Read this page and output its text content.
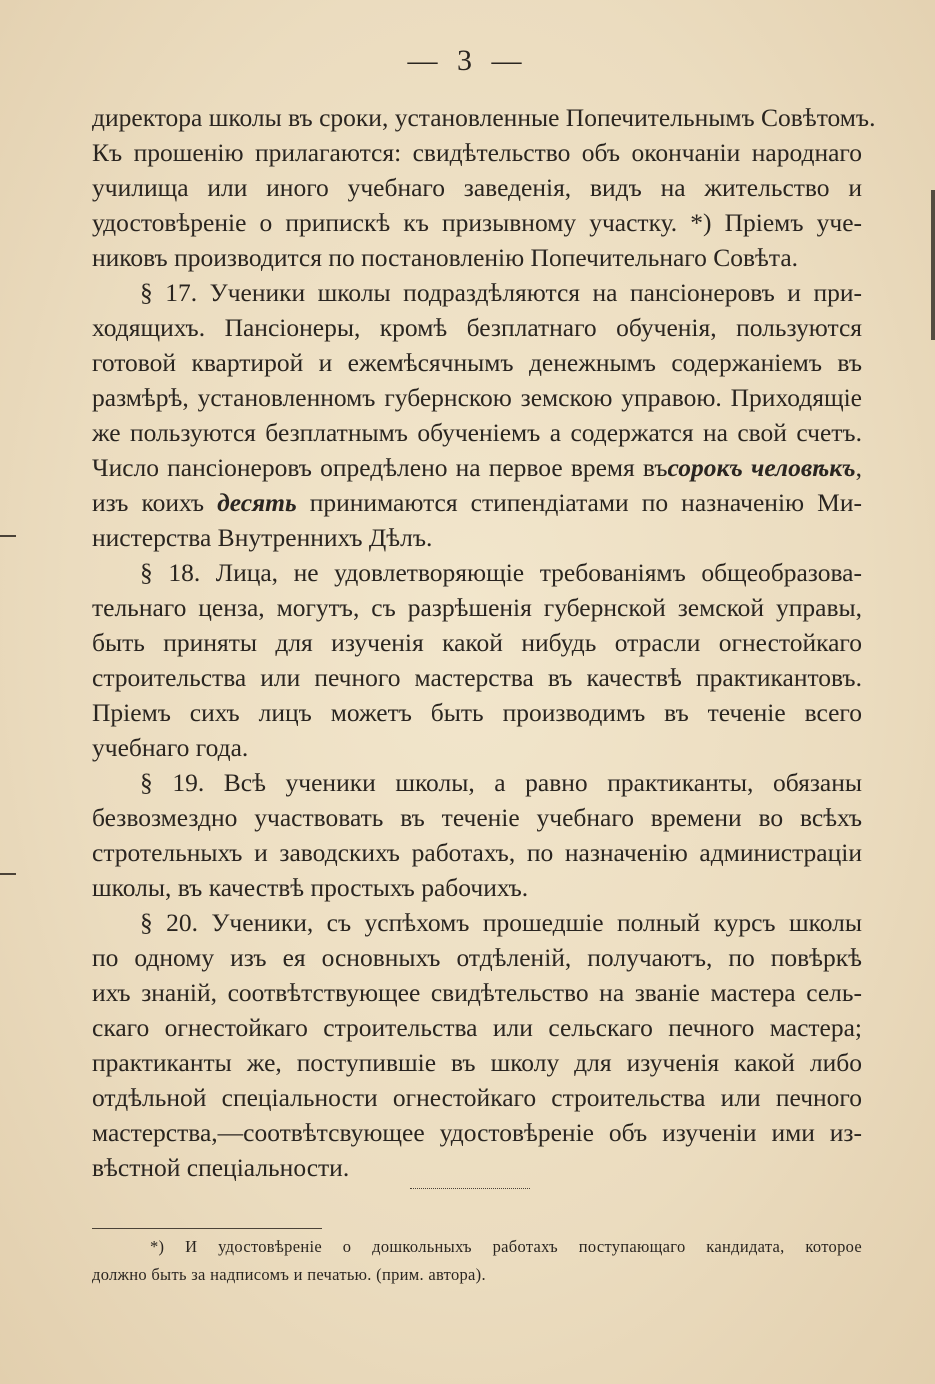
— 3 —
директора школы въ сроки, установленные Попечительнымъ Совѣтомъ.
Къ прошенію прилагаются: свидѣтельство объ окончаніи народнаго
училища или иного учебнаго заведенія, видъ на жительство и
удостовѣреніе о припискѣ къ призывному участку. *) Пріемъ уче-
никовъ производится по постановленію Попечительнаго Совѣта.
§ 17. Ученики школы подраздѣляются на пансіонеровъ и при-
ходящихъ. Пансіонеры, кромѣ безплатнаго обученія, пользуются
готовой квартирой и ежемѣсячнымъ денежнымъ содержаніемъ въ
размѣрѣ, установленномъ губернскою земскою управою. Приходящіе
же пользуются безплатнымъ обученіемъ а содержатся на свой счетъ.
Число пансіонеровъ опредѣлено на первое время въсорокъ человѣкъ,
изъ коихъ десять принимаются стипендіатами по назначенію Ми-
нистерства Внутреннихъ Дѣлъ.
§ 18. Лица, не удовлетворяющіе требованіямъ общеобразова-
тельнаго ценза, могутъ, съ разрѣшенія губернской земской управы,
быть приняты для изученія какой нибудь отрасли огнестойкаго
строительства или печного мастерства въ качествѣ практикантовъ.
Пріемъ сихъ лицъ можетъ быть производимъ въ теченіе всего
учебнаго года.
§ 19. Всѣ ученики школы, а равно практиканты, обязаны
безвозмездно участвовать въ теченіе учебнаго времени во всѣхъ
стротельныхъ и заводскихъ работахъ, по назначенію администраціи
школы, въ качествѣ простыхъ рабочихъ.
§ 20. Ученики, съ успѣхомъ прошедшіе полный курсъ школы
по одному изъ ея основныхъ отдѣленій, получаютъ, по повѣркѣ
ихъ знаній, соотвѣтствующее свидѣтельство на званіе мастера сель-
скаго огнестойкаго строительства или сельскаго печного мастера;
практиканты же, поступившіе въ школу для изученія какой либо
отдѣльной спеціальности огнестойкаго строительства или печного
мастерства,—соотвѣтсвующее удостовѣреніе объ изученіи ими из-
вѣстной спеціальности.
*) И удостовѣреніе о дошкольныхъ работахъ поступающаго кандидата, которое
должно быть за надписомъ и печатью. (прим. автора).
